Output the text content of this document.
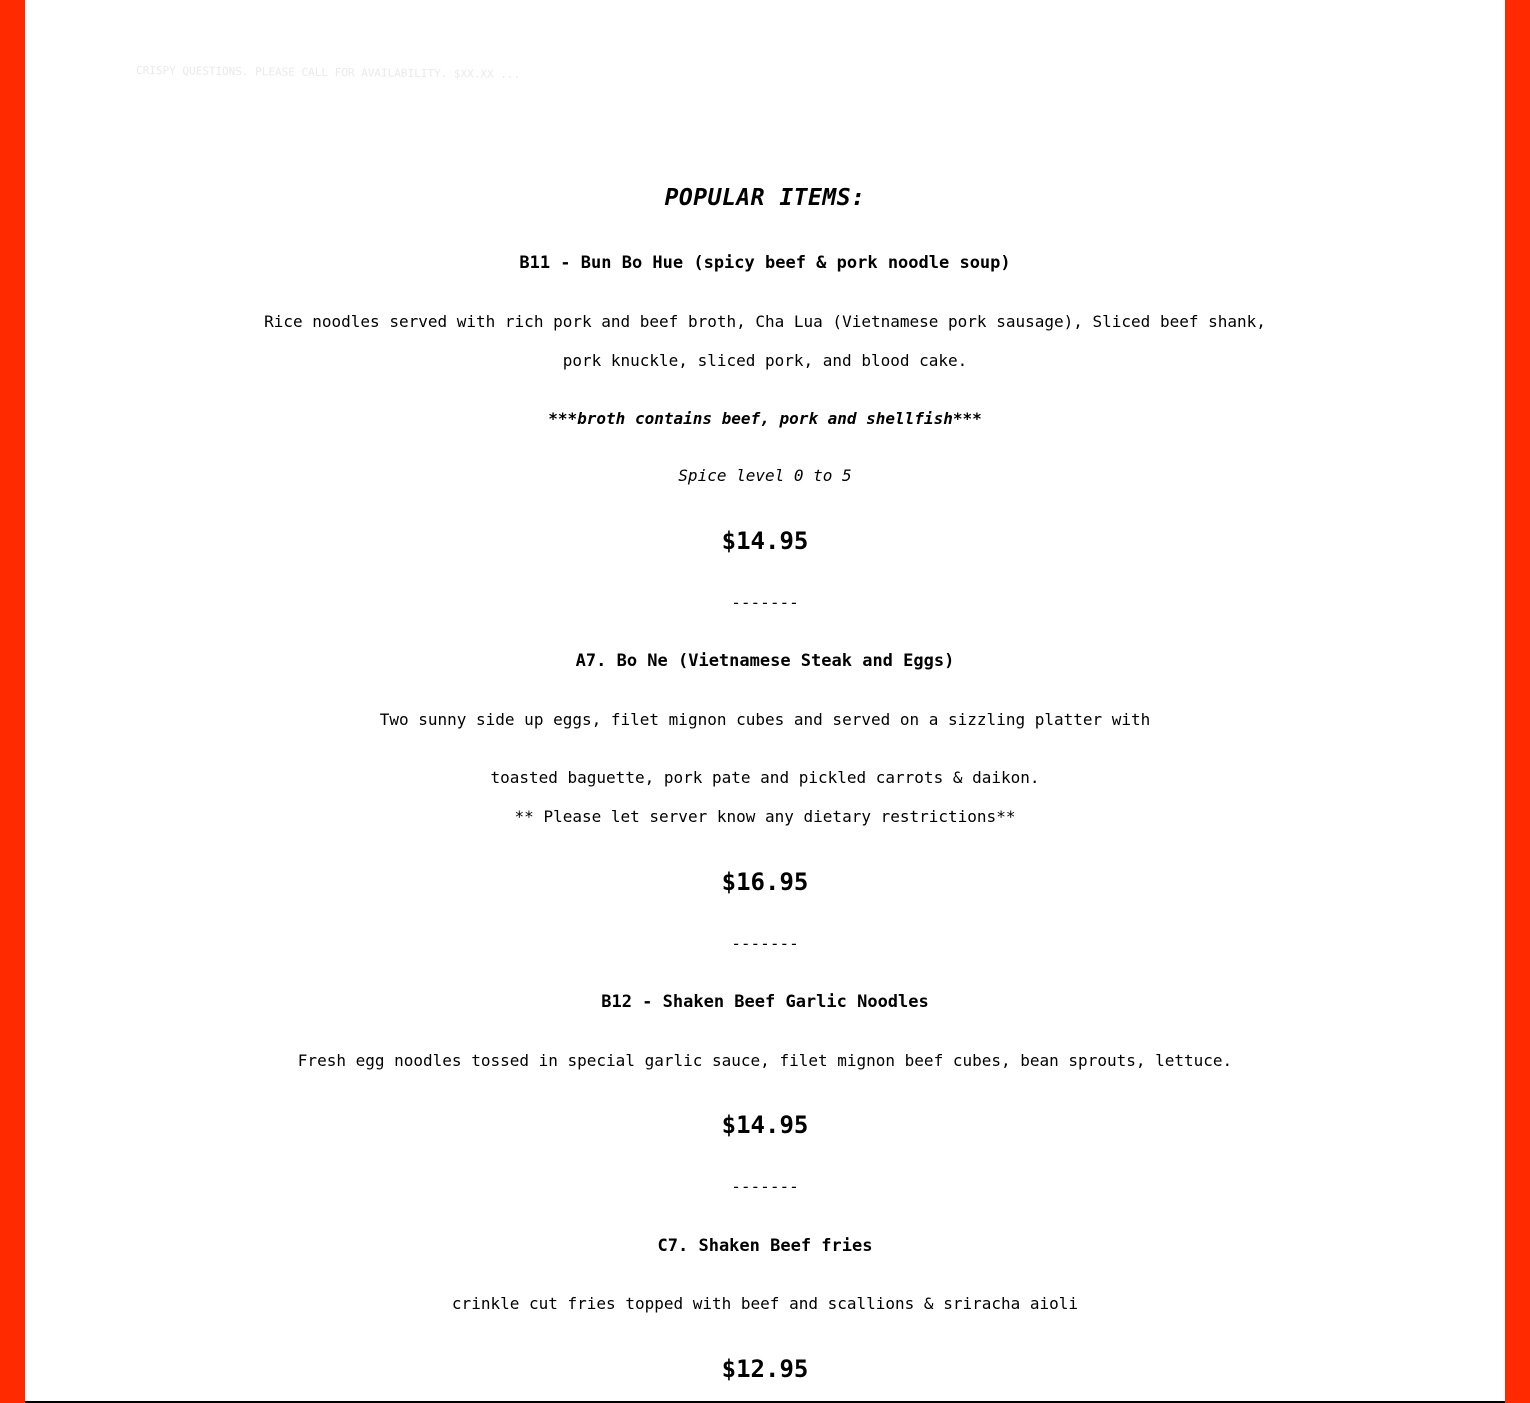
CRISPY QUESTIONS. PLEASE CALL FOR AVAILABILITY. $XX.XX ...
POPULAR ITEMS:
B11 - Bun Bo Hue (spicy beef & pork noodle soup)
Rice noodles served with rich pork and beef broth, Cha Lua (Vietnamese pork sausage), Sliced beef shank,
pork knuckle, sliced pork, and blood cake.
***broth contains beef, pork and shellfish***
Spice level 0 to 5
$14.95
-------
A7. Bo Ne (Vietnamese Steak and Eggs)
Two sunny side up eggs, filet mignon cubes and served on a sizzling platter with
toasted baguette, pork pate and pickled carrots & daikon.
** Please let server know any dietary restrictions**
$16.95
-------
B12 - Shaken Beef Garlic Noodles
Fresh egg noodles tossed in special garlic sauce, filet mignon beef cubes, bean sprouts, lettuce.
$14.95
-------
C7. Shaken Beef fries
crinkle cut fries topped with beef and scallions & sriracha aioli
$12.95
